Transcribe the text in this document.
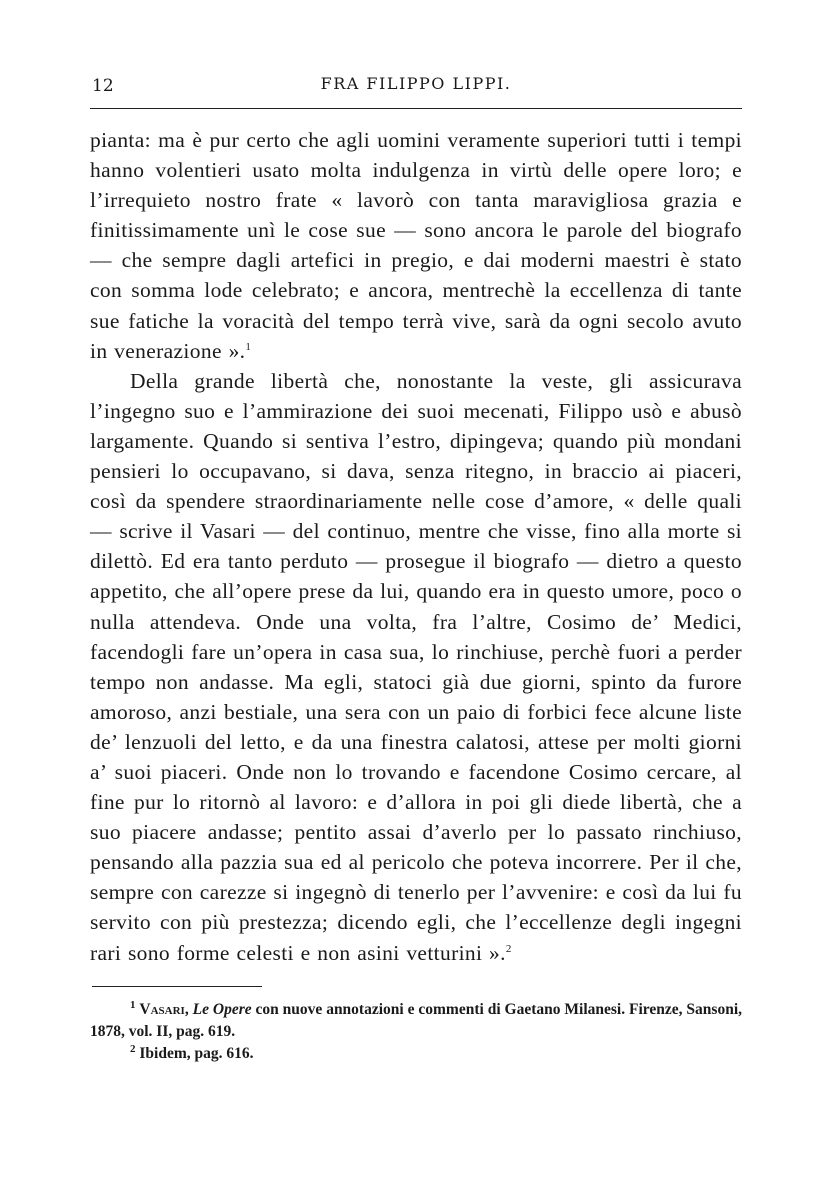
12	FRA FILIPPO LIPPI.

pianta: ma è pur certo che agli uomini veramente superiori tutti i tempi hanno volentieri usato molta indulgenza in virtù delle opere loro; e l’irrequieto nostro frate « lavorò con tanta maravigliosa grazia e finitissimamente unì le cose sue — sono ancora le parole del biografo — che sempre dagli artefici in pregio, e dai moderni maestri è stato con somma lode celebrato; e ancora, mentrechè la eccellenza di tante sue fatiche la voracità del tempo terrà vive, sarà da ogni secolo avuto in venerazione ».$^1$

Della grande libertà che, nonostante la veste, gli assicurava l’ingegno suo e l’ammirazione dei suoi mecenati, Filippo usò e abusò largamente. Quando si sentiva l’estro, dipingeva; quando più mondani pensieri lo occupavano, si dava, senza ritegno, in braccio ai piaceri, così da spendere straordinariamente nelle cose d’amore, « delle quali — scrive il Vasari — del continuo, mentre che visse, fino alla morte si dilettò. Ed era tanto perduto — prosegue il biografo — dietro a questo appetito, che all’opere prese da lui, quando era in questo umore, poco o nulla attendeva. Onde una volta, fra l’altre, Cosimo de’ Medici, facendogli fare un’opera in casa sua, lo rinchiuse, perchè fuori a perder tempo non andasse. Ma egli, statoci già due giorni, spinto da furore amoroso, anzi bestiale, una sera con un paio di forbici fece alcune liste de’ lenzuoli del letto, e da una finestra calatosi, attese per molti giorni a’ suoi piaceri. Onde non lo trovando e facendone Cosimo cercare, al fine pur lo ritornò al lavoro: e d’allora in poi gli diede libertà, che a suo piacere andasse; pentito assai d’averlo per lo passato rinchiuso, pensando alla pazzia sua ed al pericolo che poteva incorrere. Per il che, sempre con carezze si ingegnò di tenerlo per l’avvenire: e così da lui fu servito con più prestezza; dicendo egli, che l’eccellenze degli ingegni rari sono forme celesti e non asini vetturini ».$^2$

$^1$ Vasari, Le Opere con nuove annotazioni e commenti di Gaetano Milanesi. Firenze, Sansoni, 1878, vol. II, pag. 619.

$^2$ Ibidem, pag. 616.
